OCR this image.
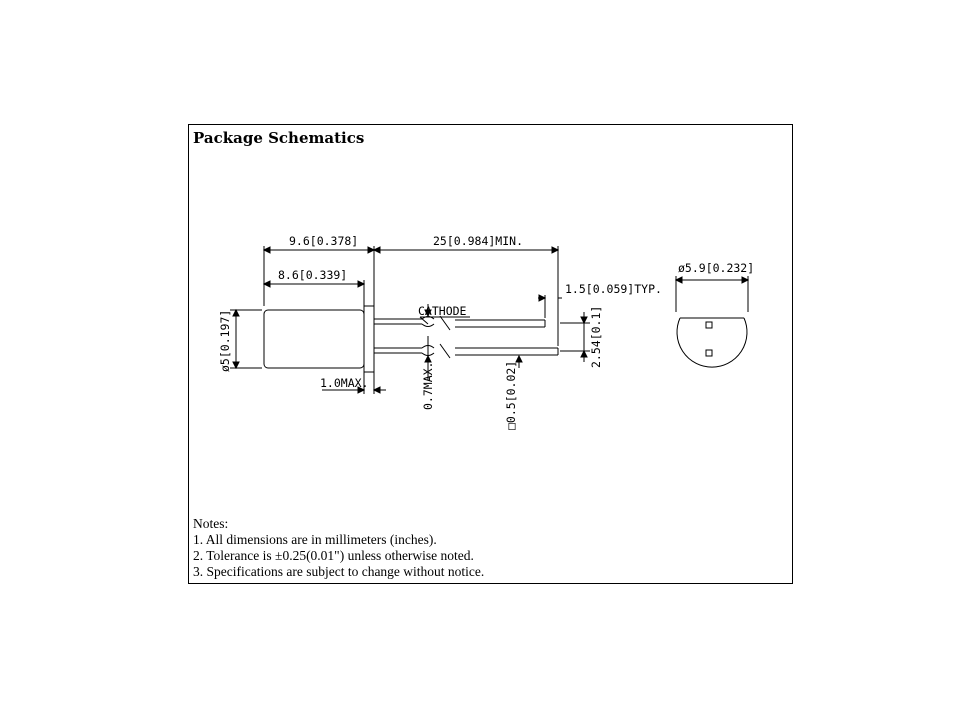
Package Schematics
9.6[0.378]	25[0.984]MIN.
8.6[0.339]
1.5[0.059]TYP.
ø5.9[0.232]
CATHODE
1.0MAX.
ø5[0.197]	2.54[0.1]
0.7MAX.	□0.5[0.02]
Notes:
1. All dimensions are in millimeters (inches).
2. Tolerance is ±0.25(0.01") unless otherwise noted.
3. Specifications are subject to change without notice.
